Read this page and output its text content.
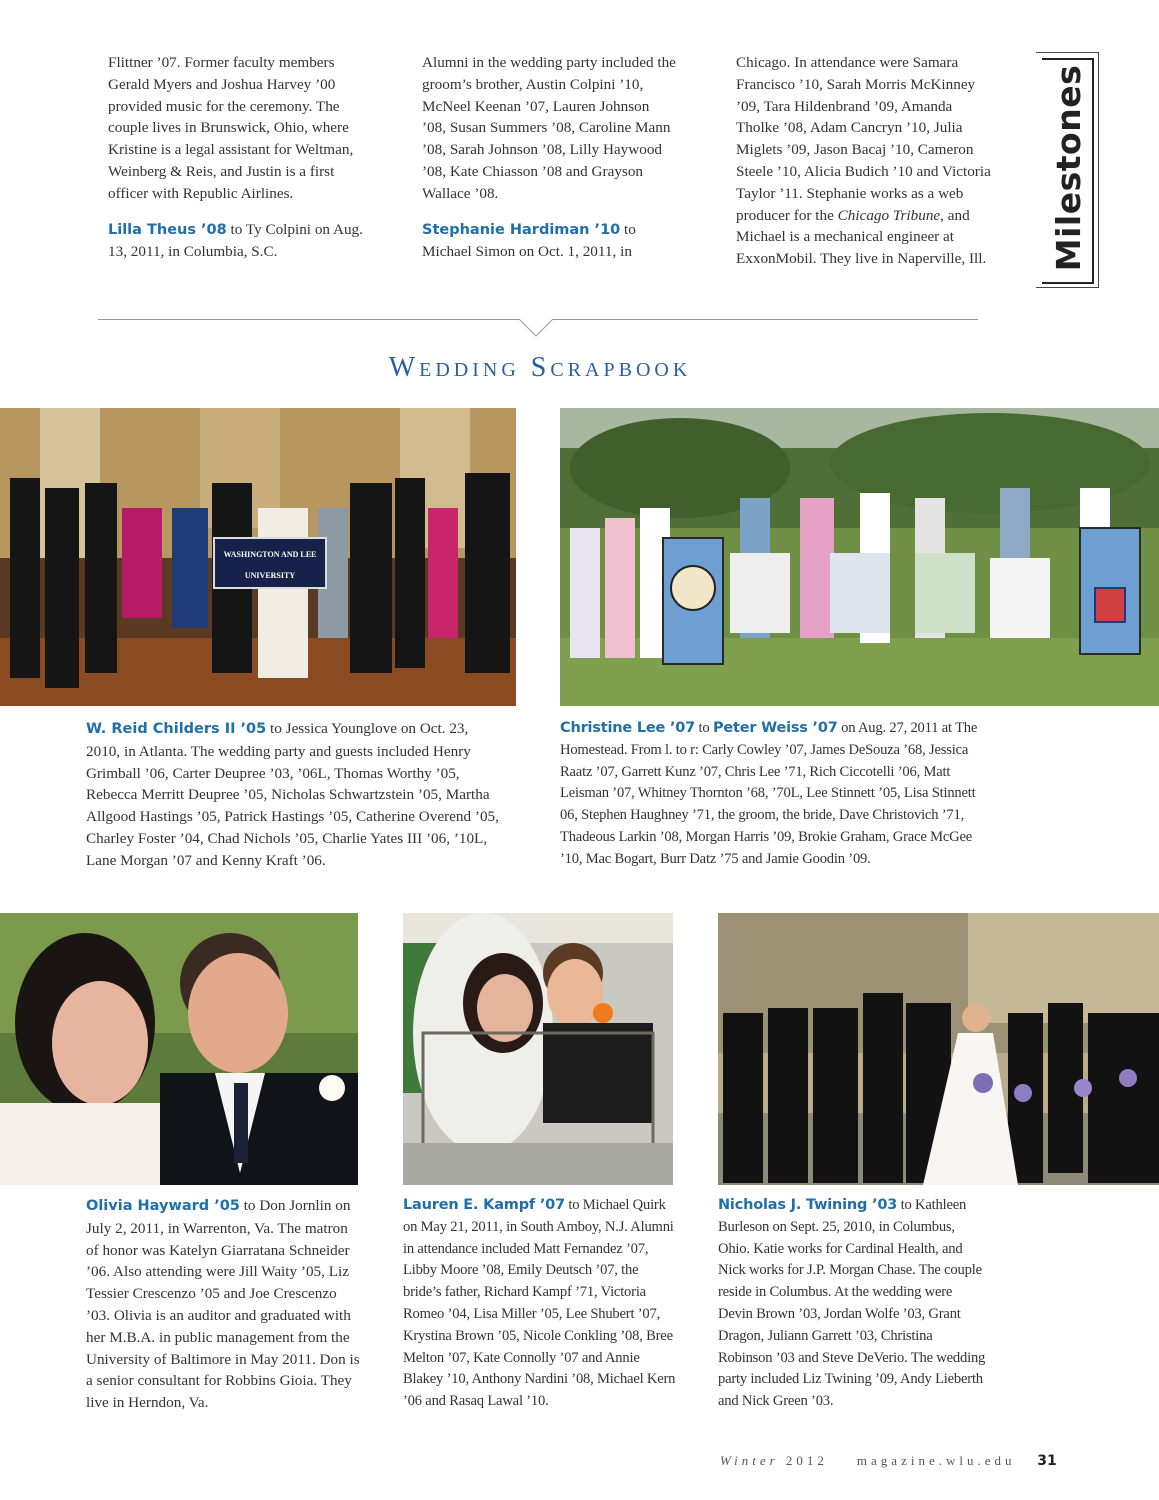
Milestones

Flittner ’07. Former faculty members Gerald Myers and Joshua Harvey ’00 provided music for the ceremony. The couple lives in Brunswick, Ohio, where Kristine is a legal assistant for Weltman, Weinberg & Reis, and Justin is a first officer with Republic Airlines.

Lilla Theus ’08 to Ty Colpini on Aug. 13, 2011, in Columbia, S.C.

Alumni in the wedding party included the groom’s brother, Austin Colpini ’10, McNeel Keenan ’07, Lauren Johnson ’08, Susan Summers ’08, Caroline Mann ’08, Sarah Johnson ’08, Lilly Haywood ’08, Kate Chiasson ’08 and Grayson Wallace ’08.

Stephanie Hardiman ’10 to Michael Simon on Oct. 1, 2011, in

Chicago. In attendance were Samara Francisco ’10, Sarah Morris McKinney ’09, Tara Hildenbrand ’09, Amanda Tholke ’08, Adam Cancryn ’10, Julia Miglets ’09, Jason Bacaj ’10, Cameron Steele ’10, Alicia Budich ’10 and Victoria Taylor ’11. Stephanie works as a web producer for the Chicago Tribune, and Michael is a mechanical engineer at ExxonMobil. They live in Naperville, Ill.

Wedding Scrapbook
WASHINGTON AND LEE
UNIVERSITY
W. Reid Childers II ’05 to Jessica Younglove on Oct. 23, 2010, in Atlanta. The wedding party and guests included Henry Grimball ’06, Carter Deupree ’03, ’06L, Thomas Worthy ’05, Rebecca Merritt Deupree ’05, Nicholas Schwartzstein ’05, Martha Allgood Hastings ’05, Patrick Hastings ’05, Catherine Overend ’05, Charley Foster ’04, Chad Nichols ’05, Charlie Yates III ’06, ’10L, Lane Morgan ’07 and Kenny Kraft ’06.
Christine Lee ’07 to Peter Weiss ’07 on Aug. 27, 2011 at The Homestead. From l. to r: Carly Cowley ’07, James DeSouza ’68, Jessica Raatz ’07, Garrett Kunz ’07, Chris Lee ’71, Rich Ciccotelli ’06, Matt Leisman ’07, Whitney Thornton ’68, ’70L, Lee Stinnett ’05, Lisa Stinnett 06, Stephen Haughney ’71, the groom, the bride, Dave Christovich ’71, Thadeous Larkin ’08, Morgan Harris ’09, Brokie Graham, Grace McGee ’10, Mac Bogart, Burr Datz ’75 and Jamie Goodin ’09.
Olivia Hayward ’05 to Don Jornlin on July 2, 2011, in Warrenton, Va. The matron of honor was Katelyn Giarratana Schneider ’06. Also attending were Jill Waity ’05, Liz Tessier Crescenzo ’05 and Joe Crescenzo ’03. Olivia is an auditor and graduated with her M.B.A. in public management from the University of Baltimore in May 2011. Don is a senior consultant for Robbins Gioia. They live in Herndon, Va.
Lauren E. Kampf ’07 to Michael Quirk on May 21, 2011, in South Amboy, N.J. Alumni in attendance included Matt Fernandez ’07, Libby Moore ’08, Emily Deutsch ’07, the bride’s father, Richard Kampf ’71, Victoria Romeo ’04, Lisa Miller ’05, Lee Shubert ’07, Krystina Brown ’05, Nicole Conkling ’08, Bree Melton ’07, Kate Connolly ’07 and Annie Blakey ’10, Anthony Nardini ’08, Michael Kern ’06 and Rasaq Lawal ’10.
Nicholas J. Twining ’03 to Kathleen Burleson on Sept. 25, 2010, in Columbus, Ohio. Katie works for Cardinal Health, and Nick works for J.P. Morgan Chase. The couple reside in Columbus. At the wedding were Devin Brown ’03, Jordan Wolfe ’03, Grant Dragon, Juliann Garrett ’03, Christina Robinson ’03 and Steve DeVerio. The wedding party included Liz Twining ’09, Andy Lieberth and Nick Green ’03.
Winter 2012 magazine.wlu.edu 31
